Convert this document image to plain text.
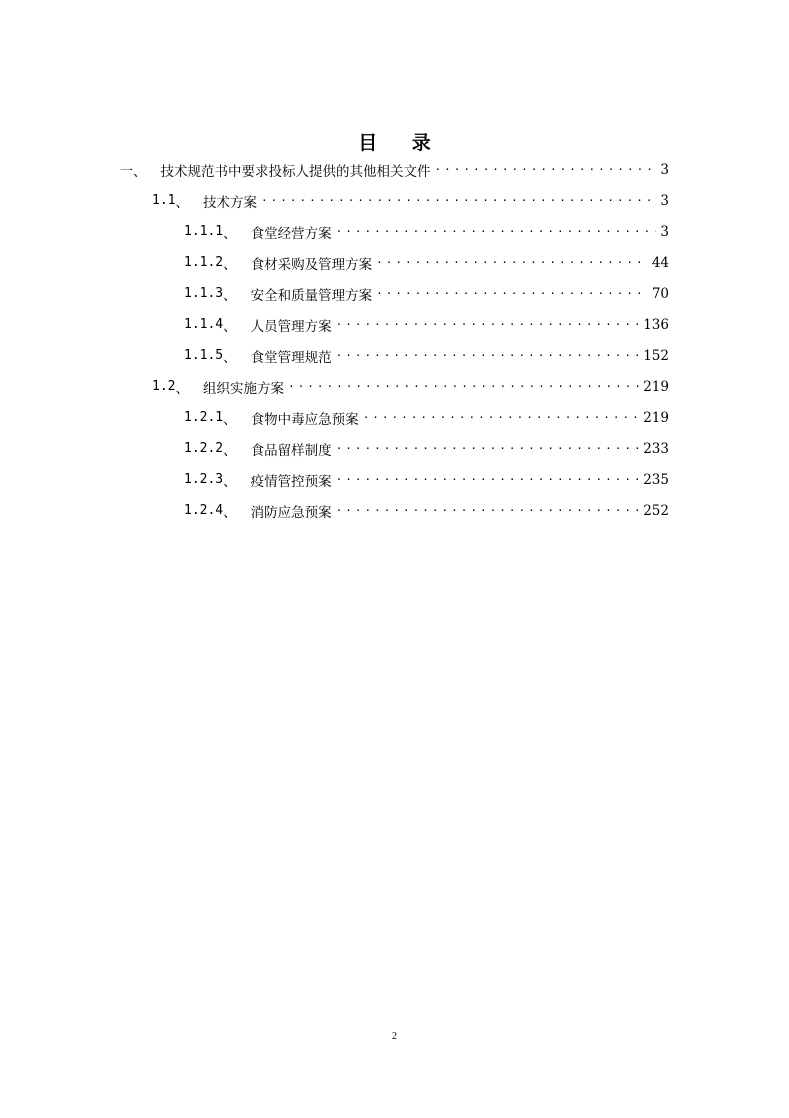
目 录
一 、 技术规范书中要求投标人提供的其他相关文件 .....	3
1.1 、 技术方案 .....	3
1.1.1 、 食堂经营方案 .....	3
1.1.2 、 食材采购及管理方案 .....	44
1.1.3 、 安全和质量管理方案 .....	70
1.1.4 、 人员管理方案 .....	136
1.1.5 、 食堂管理规范 .....	152
1.2 、 组织实施方案 .....	219
1.2.1 、 食物中毒应急预案 .....	219
1.2.2 、 食品留样制度 .....	233
1.2.3 、 疫情管控预案 .....	235
1.2.4 、 消防应急预案 .....	252
2
